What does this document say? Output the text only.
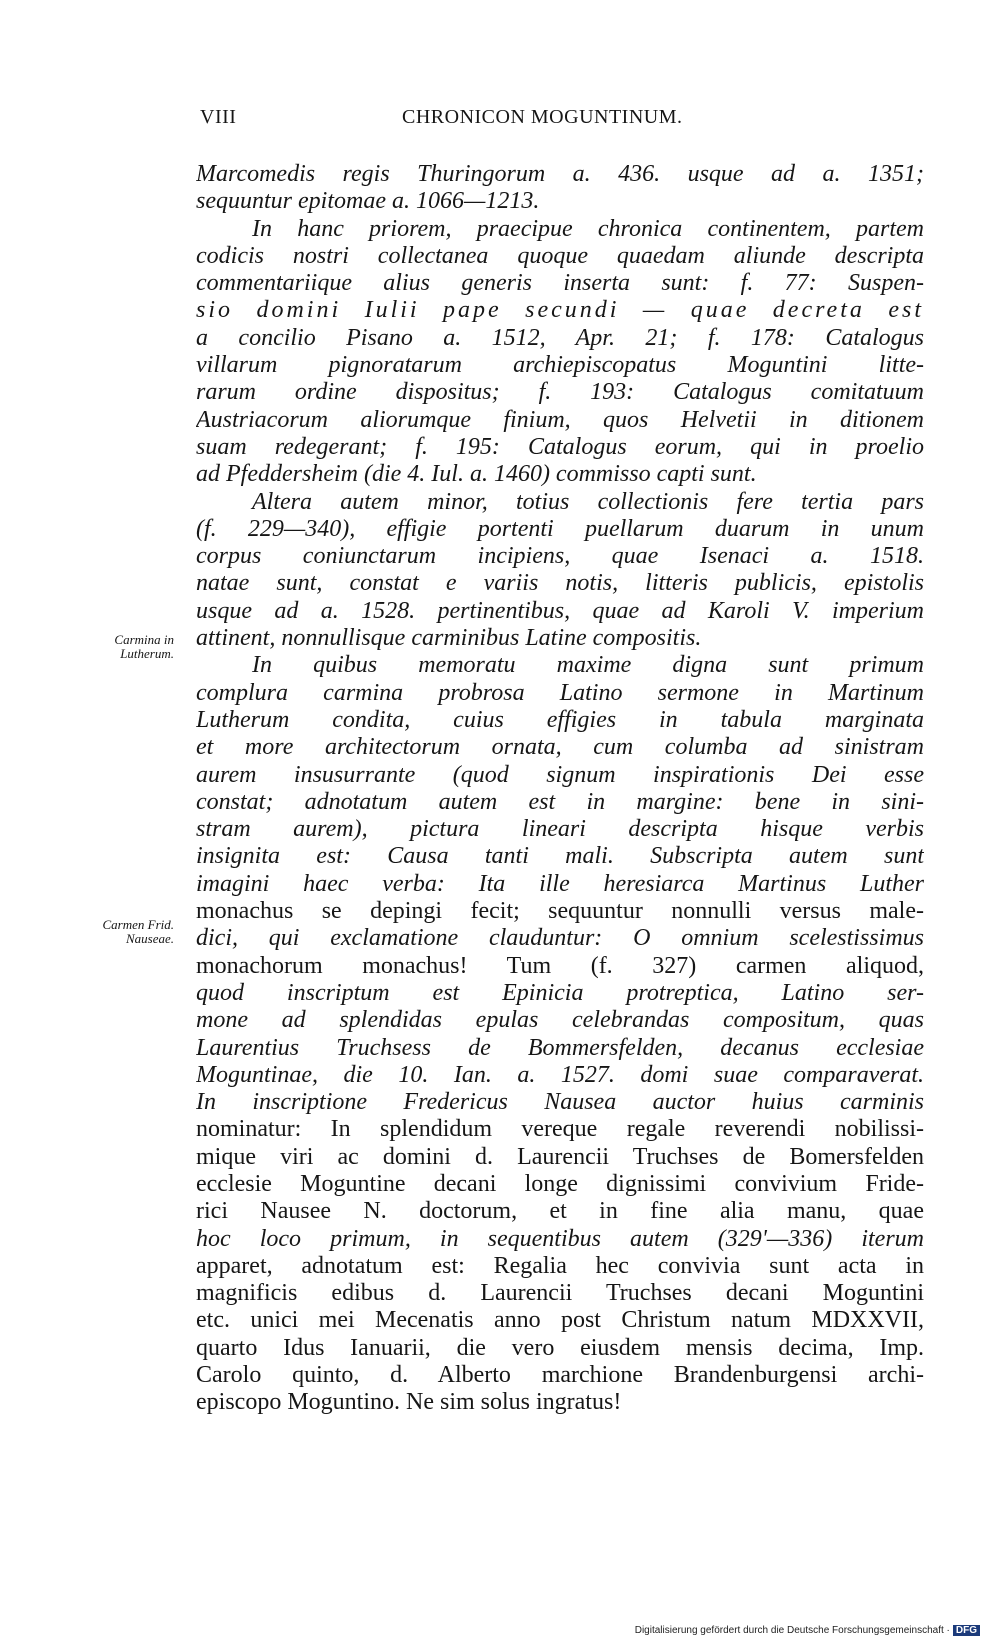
VIII	CHRONICON MOGUNTINUM.
Marcomedis regis Thuringorum a. 436. usque ad a. 1351;
sequuntur epitomae a. 1066—1213.
In hanc priorem, praecipue chronica continentem, partem
codicis nostri collectanea quoque quaedam aliunde descripta
commentariique alius generis inserta sunt: f. 77: Suspen-
sio domini Iulii pape secundi — quae decreta est
a concilio Pisano a. 1512, Apr. 21; f. 178: Catalogus
villarum pignoratarum archiepiscopatus Moguntini litte-
rarum ordine dispositus; f. 193: Catalogus comitatuum
Austriacorum aliorumque finium, quos Helvetii in ditionem
suam redegerant; f. 195: Catalogus eorum, qui in proelio
ad Pfeddersheim (die 4. Iul. a. 1460) commisso capti sunt.
Altera autem minor, totius collectionis fere tertia pars
(f. 229—340), effigie portenti puellarum duarum in unum
corpus coniunctarum incipiens, quae Isenaci a. 1518.
natae sunt, constat e variis notis, litteris publicis, epistolis
usque ad a. 1528. pertinentibus, quae ad Karoli V. imperium
attinent, nonnullisque carminibus Latine compositis.
In quibus memoratu maxime digna sunt primum
complura carmina probrosa Latino sermone in Martinum
Lutherum condita, cuius effigies in tabula marginata
et more architectorum ornata, cum columba ad sinistram
aurem insusurrante (quod signum inspirationis Dei esse
constat; adnotatum autem est in margine: bene in sini-
stram aurem), pictura lineari descripta hisque verbis
insignita est: Causa tanti mali. Subscripta autem sunt
imagini haec verba: Ita ille heresiarca Martinus Luther
monachus se depingi fecit; sequuntur nonnulli versus male-
dici, qui exclamatione clauduntur: O omnium scelestissimus
monachorum monachus! Tum (f. 327) carmen aliquod,
quod inscriptum est Epinicia protreptica, Latino ser-
mone ad splendidas epulas celebrandas compositum, quas
Laurentius Truchsess de Bommersfelden, decanus ecclesiae
Moguntinae, die 10. Ian. a. 1527. domi suae comparaverat.
In inscriptione Fredericus Nausea auctor huius carminis
nominatur: In splendidum vereque regale reverendi nobilissi-
mique viri ac domini d. Laurencii Truchses de Bomersfelden
ecclesie Moguntine decani longe dignissimi convivium Fride-
rici Nausee N. doctorum, et in fine alia manu, quae
hoc loco primum, in sequentibus autem (329'—336) iterum
apparet, adnotatum est: Regalia hec convivia sunt acta in
magnificis edibus d. Laurencii Truchses decani Moguntini
etc. unici mei Mecenatis anno post Christum natum MDXXVII,
quarto Idus Ianuarii, die vero eiusdem mensis decima, Imp.
Carolo quinto, d. Alberto marchione Brandenburgensi archi-
episcopo Moguntino. Ne sim solus ingratus!
Carmina in Lutherum.
Carmen Frid. Nauseae.
Digitalisierung gefördert durch die Deutsche Forschungsgemeinschaft · DFG
